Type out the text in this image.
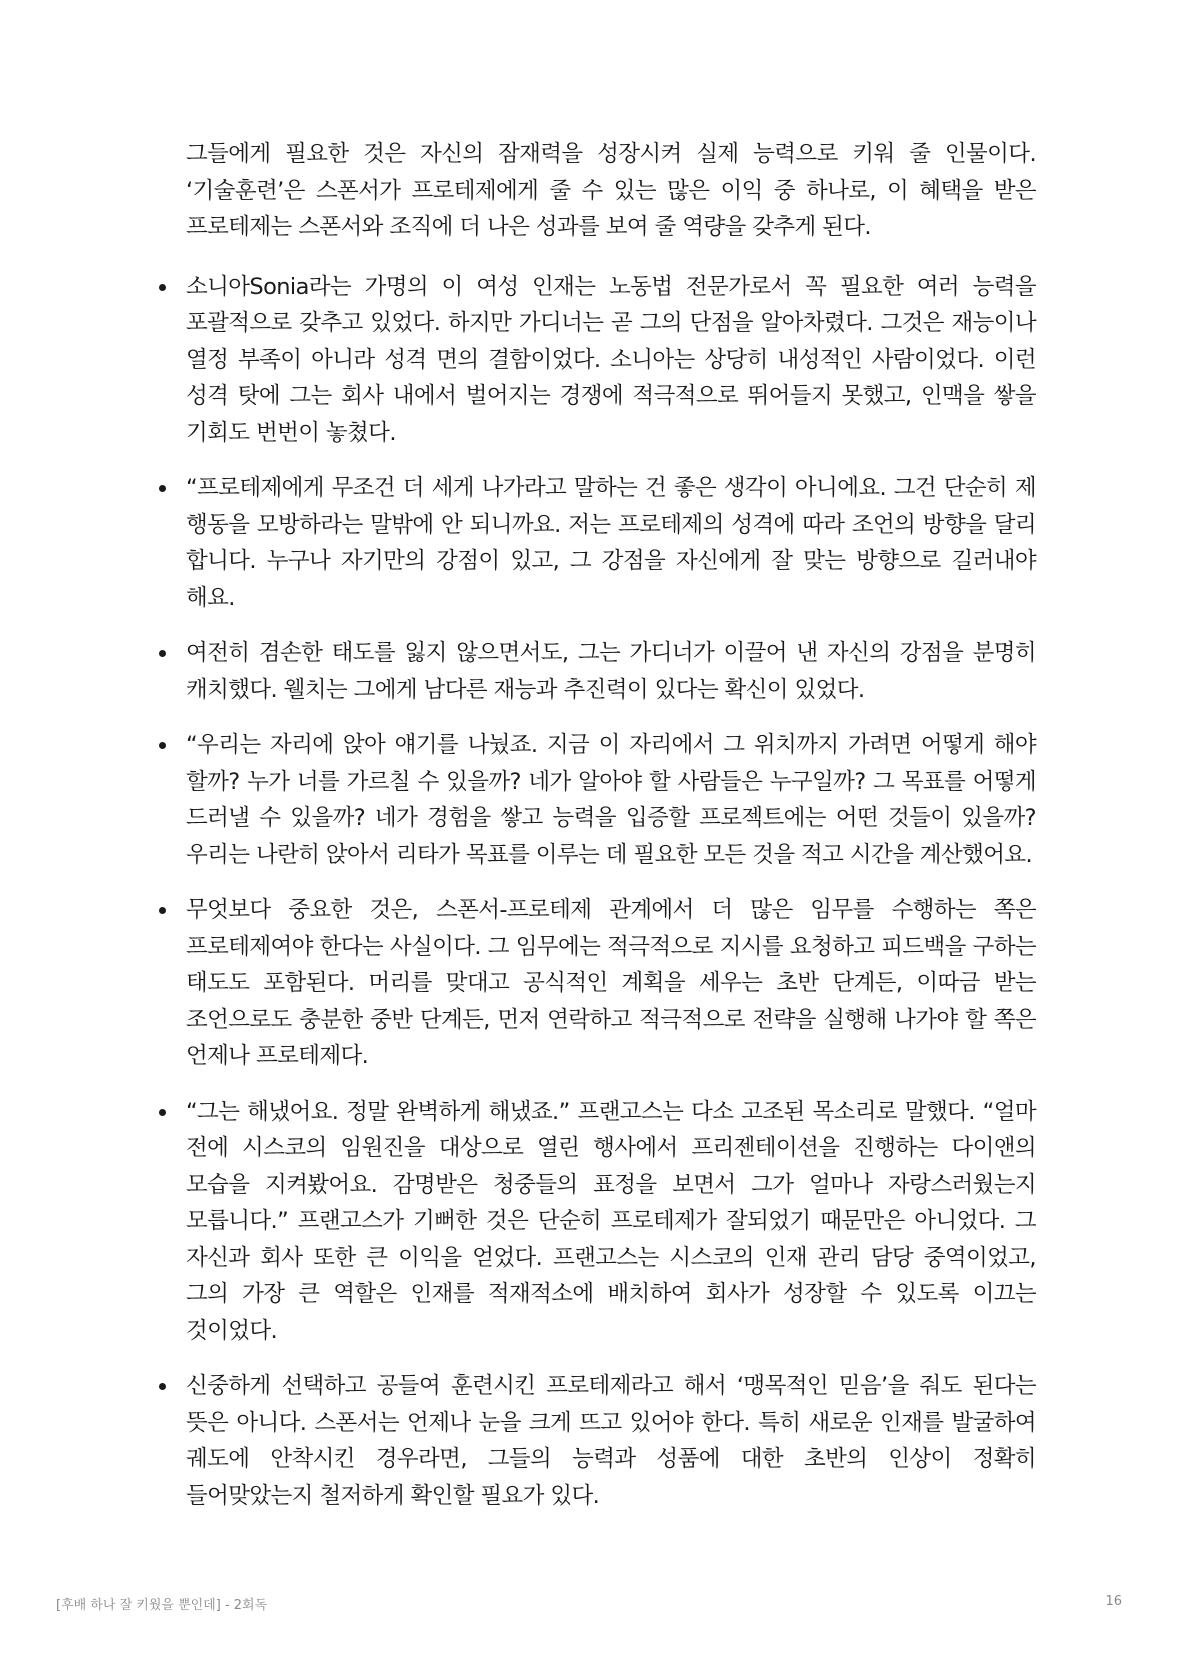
그들에게 필요한 것은 자신의 잠재력을 성장시켜 실제 능력으로 키워 줄 인물이다. ‘기술훈련’은 스폰서가 프로테제에게 줄 수 있는 많은 이익 중 하나로, 이 혜택을 받은 프로테제는 스폰서와 조직에 더 나은 성과를 보여 줄 역량을 갖추게 된다.

소니아Sonia라는 가명의 이 여성 인재는 노동법 전문가로서 꼭 필요한 여러 능력을 포괄적으로 갖추고 있었다. 하지만 가디너는 곧 그의 단점을 알아차렸다. 그것은 재능이나 열정 부족이 아니라 성격 면의 결함이었다. 소니아는 상당히 내성적인 사람이었다. 이런 성격 탓에 그는 회사 내에서 벌어지는 경쟁에 적극적으로 뛰어들지 못했고, 인맥을 쌓을 기회도 번번이 놓쳤다.
“프로테제에게 무조건 더 세게 나가라고 말하는 건 좋은 생각이 아니에요. 그건 단순히 제 행동을 모방하라는 말밖에 안 되니까요. 저는 프로테제의 성격에 따라 조언의 방향을 달리 합니다. 누구나 자기만의 강점이 있고, 그 강점을 자신에게 잘 맞는 방향으로 길러내야 해요.
여전히 겸손한 태도를 잃지 않으면서도, 그는 가디너가 이끌어 낸 자신의 강점을 분명히 캐치했다. 웰치는 그에게 남다른 재능과 추진력이 있다는 확신이 있었다.
“우리는 자리에 앉아 얘기를 나눴죠. 지금 이 자리에서 그 위치까지 가려면 어떻게 해야 할까? 누가 너를 가르칠 수 있을까? 네가 알아야 할 사람들은 누구일까? 그 목표를 어떻게 드러낼 수 있을까? 네가 경험을 쌓고 능력을 입증할 프로젝트에는 어떤 것들이 있을까? 우리는 나란히 앉아서 리타가 목표를 이루는 데 필요한 모든 것을 적고 시간을 계산했어요.
무엇보다 중요한 것은, 스폰서-프로테제 관계에서 더 많은 임무를 수행하는 쪽은 프로테제여야 한다는 사실이다. 그 임무에는 적극적으로 지시를 요청하고 피드백을 구하는 태도도 포함된다. 머리를 맞대고 공식적인 계획을 세우는 초반 단계든, 이따금 받는 조언으로도 충분한 중반 단계든, 먼저 연락하고 적극적으로 전략을 실행해 나가야 할 쪽은 언제나 프로테제다.
“그는 해냈어요. 정말 완벽하게 해냈죠.” 프랜고스는 다소 고조된 목소리로 말했다. “얼마 전에 시스코의 임원진을 대상으로 열린 행사에서 프리젠테이션을 진행하는 다이앤의 모습을 지켜봤어요. 감명받은 청중들의 표정을 보면서 그가 얼마나 자랑스러웠는지 모릅니다.” 프랜고스가 기뻐한 것은 단순히 프로테제가 잘되었기 때문만은 아니었다. 그 자신과 회사 또한 큰 이익을 얻었다. 프랜고스는 시스코의 인재 관리 담당 중역이었고, 그의 가장 큰 역할은 인재를 적재적소에 배치하여 회사가 성장할 수 있도록 이끄는 것이었다.
신중하게 선택하고 공들여 훈련시킨 프로테제라고 해서 ‘맹목적인 믿음’을 줘도 된다는 뜻은 아니다. 스폰서는 언제나 눈을 크게 뜨고 있어야 한다. 특히 새로운 인재를 발굴하여 궤도에 안착시킨 경우라면, 그들의 능력과 성품에 대한 초반의 인상이 정확히 들어맞았는지 철저하게 확인할 필요가 있다.
[후배 하나 잘 키웠을 뿐인데] - 2회독	16
